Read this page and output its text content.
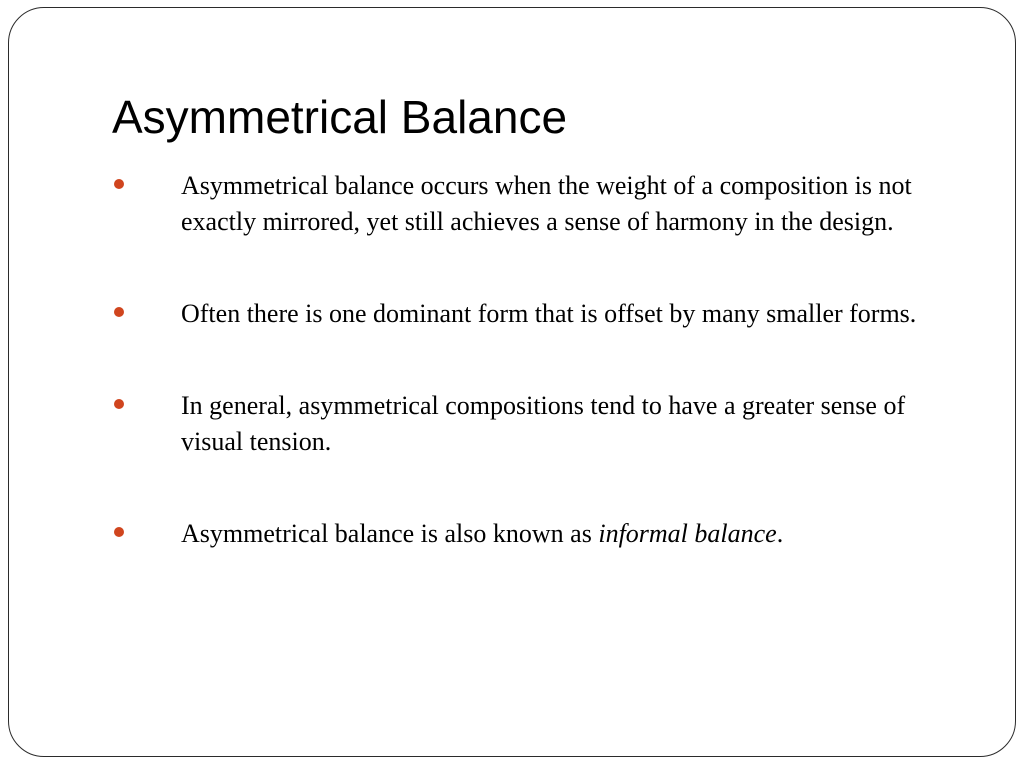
Asymmetrical Balance
Asymmetrical balance occurs when the weight of a composition is not exactly mirrored, yet still achieves a sense of harmony in the design.
Often there is one dominant form that is offset by many smaller forms.
In general, asymmetrical compositions tend to have a greater sense of visual tension.
Asymmetrical balance is also known as informal balance.
